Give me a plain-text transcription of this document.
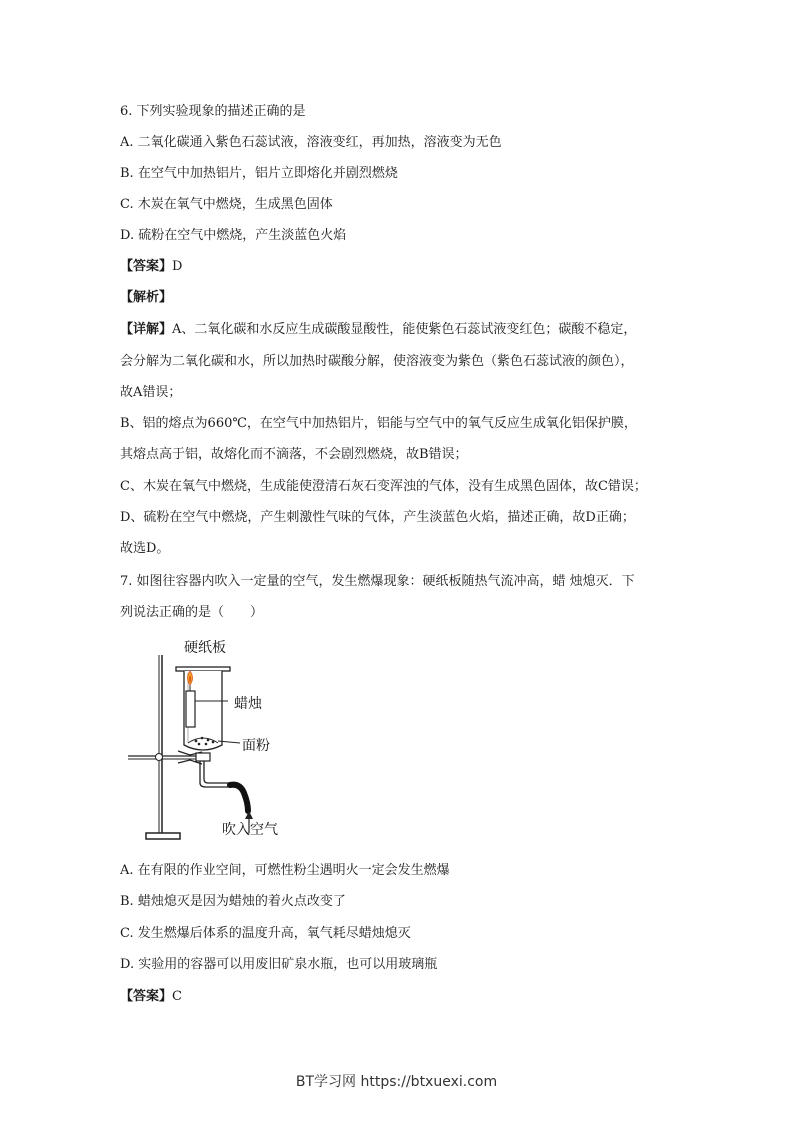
6. 下列实验现象的描述正确的是
A. 二氧化碳通入紫色石蕊试液，溶液变红，再加热，溶液变为无色
B. 在空气中加热铝片，铝片立即熔化并剧烈燃烧
C. 木炭在氧气中燃烧，生成黑色固体
D. 硫粉在空气中燃烧，产生淡蓝色火焰
【答案】D
【解析】
【详解】A、二氧化碳和水反应生成碳酸显酸性，能使紫色石蕊试液变红色；碳酸不稳定，
会分解为二氧化碳和水，所以加热时碳酸分解，使溶液变为紫色（紫色石蕊试液的颜色），
故A错误；
B、铝的熔点为660℃，在空气中加热铝片，铝能与空气中的氧气反应生成氧化铝保护膜，
其熔点高于铝，故熔化而不滴落，不会剧烈燃烧，故B错误；
C、木炭在氧气中燃烧，生成能使澄清石灰石变浑浊的气体，没有生成黑色固体，故C错误；
D、硫粉在空气中燃烧，产生刺激性气味的气体，产生淡蓝色火焰，描述正确，故D正确；
故选D。
7. 如图往容器内吹入一定量的空气，发生燃爆现象：硬纸板随热气流冲高，蜡 烛熄灭．下
列说法正确的是（　　）
硬纸板
蜡烛
面粉
吹入空气
A. 在有限的作业空间，可燃性粉尘遇明火一定会发生燃爆
B. 蜡烛熄灭是因为蜡烛的着火点改变了
C. 发生燃爆后体系的温度升高，氧气耗尽蜡烛熄灭
D. 实验用的容器可以用废旧矿泉水瓶，也可以用玻璃瓶
【答案】C
BT学习网 https://btxuexi.com
